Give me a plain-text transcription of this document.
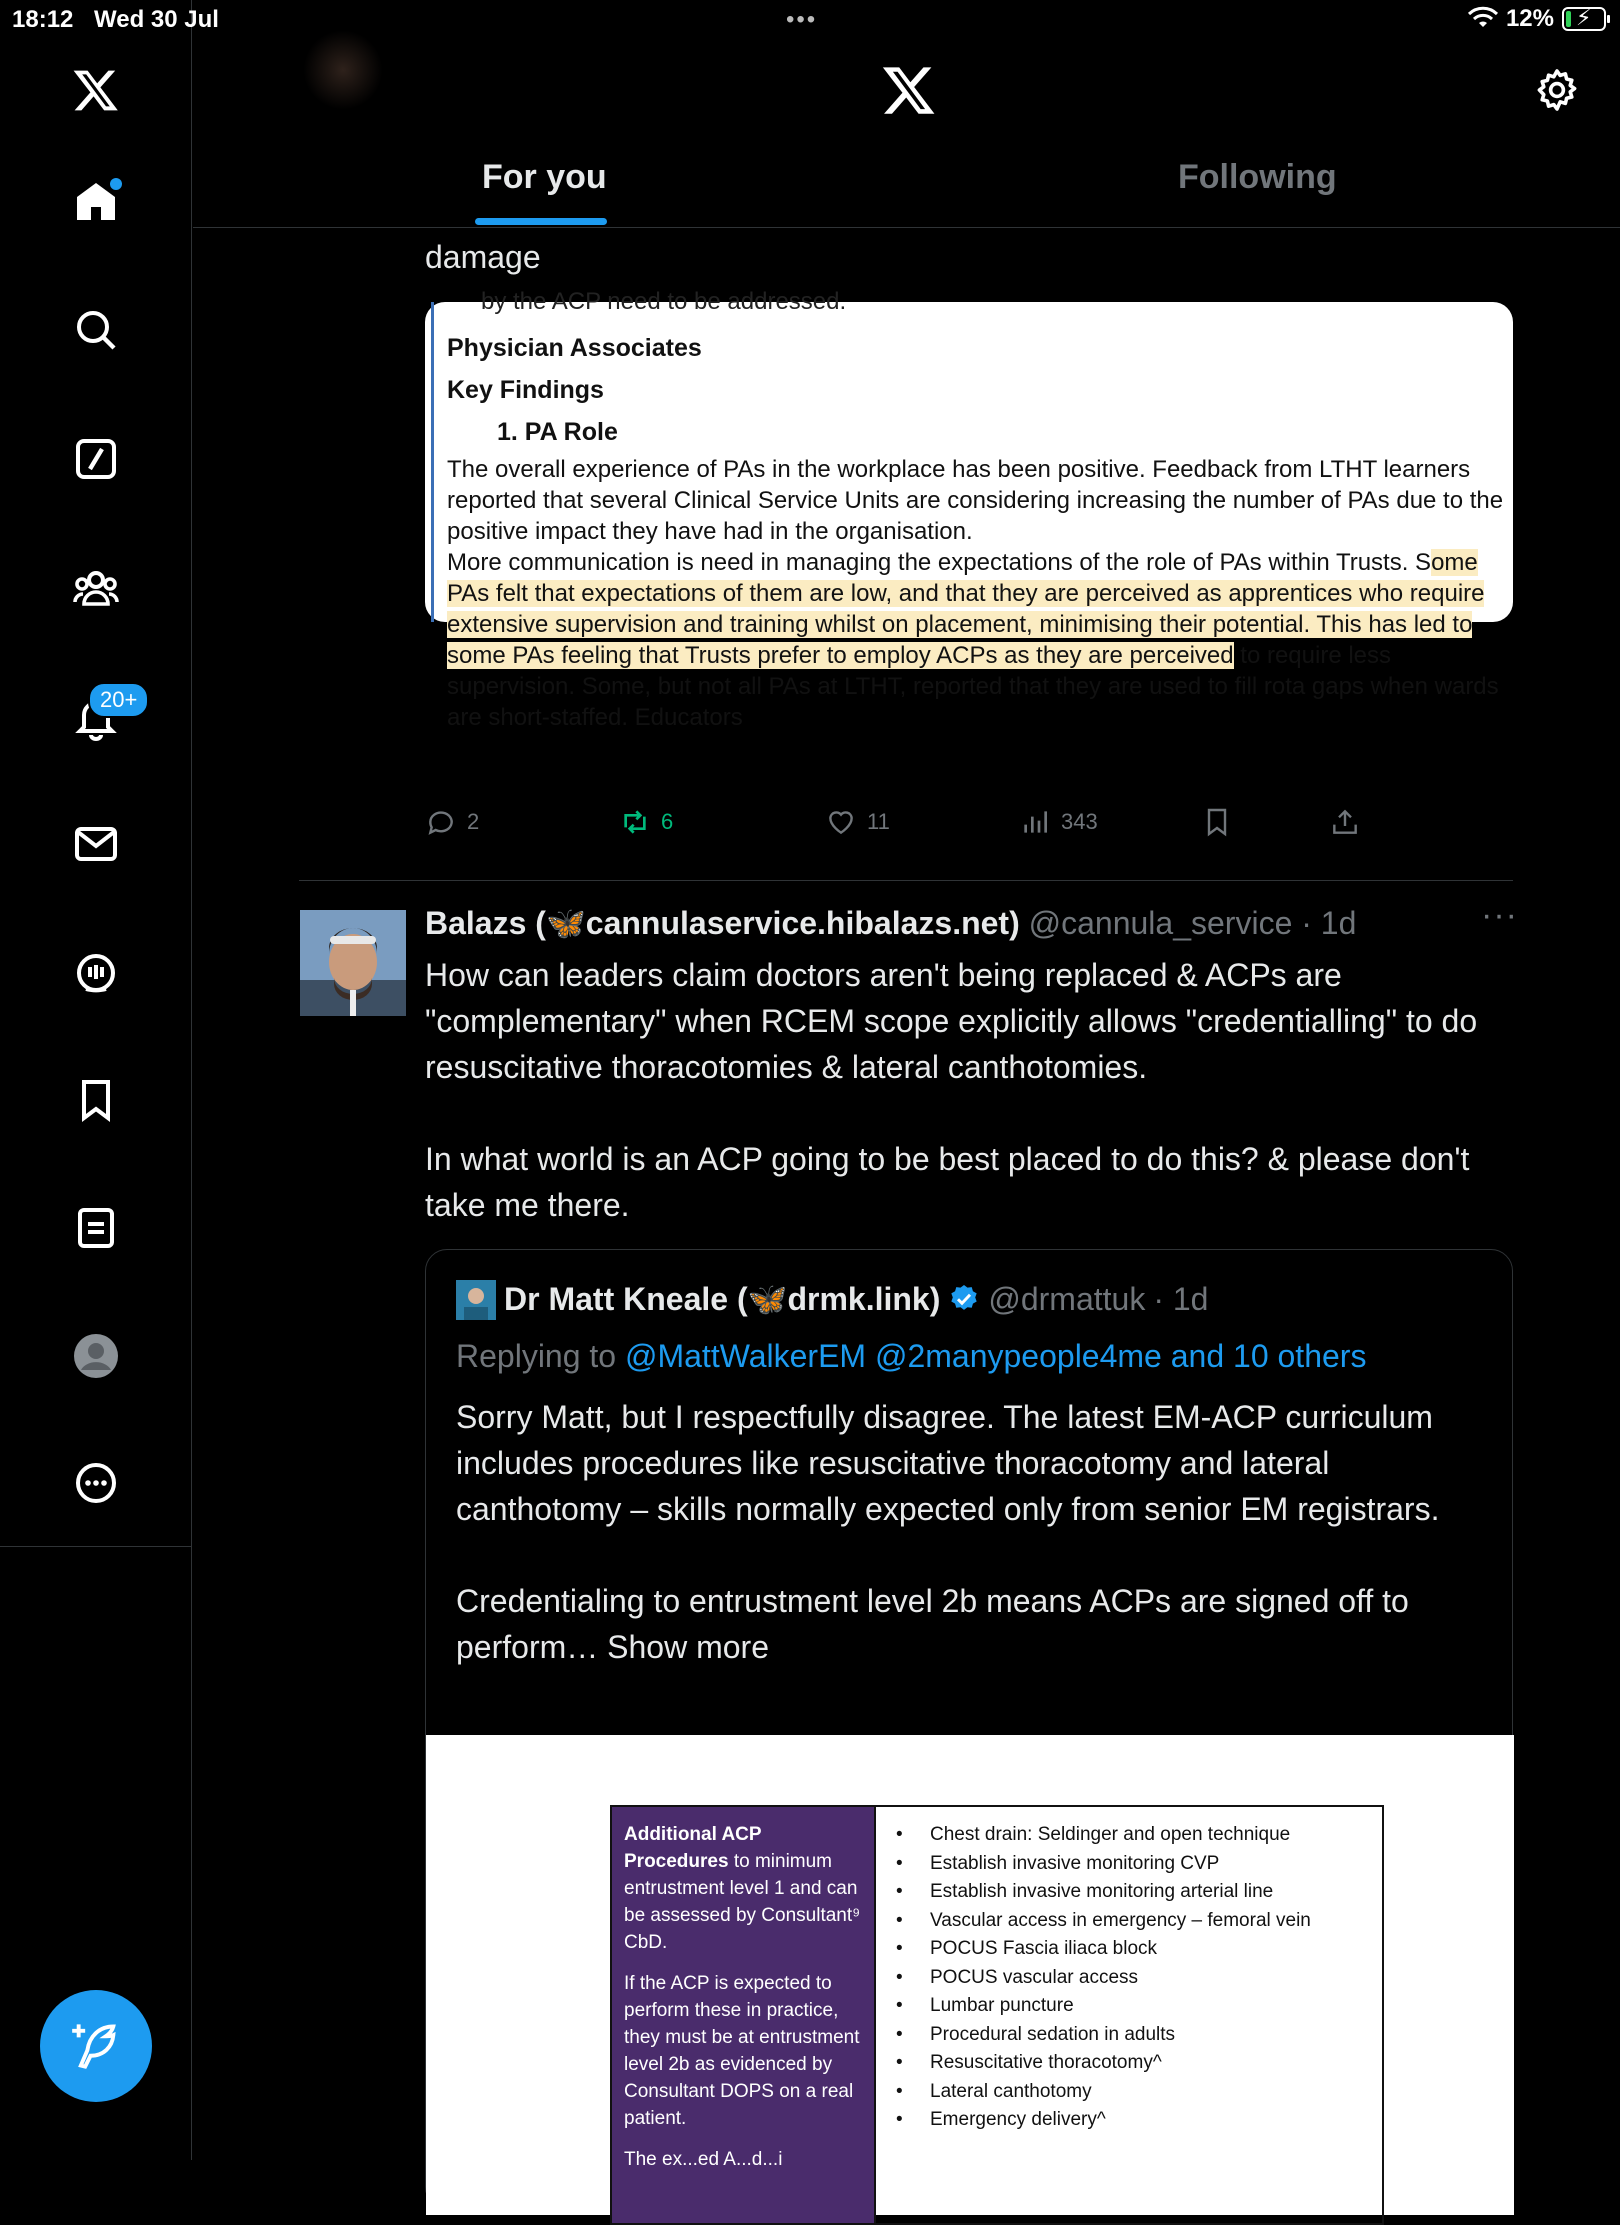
18:12 Wed 30 Jul	•••	12% ⚡
20+
For you	Following
damage
by the ACP need to be addressed.
Physician Associates
Key Findings
1. PA Role
The overall experience of PAs in the workplace has been positive. Feedback from LTHT learners reported that several Clinical Service Units are considering increasing the number of PAs due to the positive impact they have had in the organisation.
More communication is need in managing the expectations of the role of PAs within Trusts. Some PAs felt that expectations of them are low, and that they are perceived as apprentices who require extensive supervision and training whilst on placement, minimising their potential. This has led to some PAs feeling that Trusts prefer to employ ACPs as they are perceived to require less supervision. Some, but not all PAs at LTHT, reported that they are used to fill rota gaps when wards are short-staffed. Educators
2	6	11	343
Balazs (🦋cannulaservice.hibalazs.net) @cannula_service · 1d	···
How can leaders claim doctors aren't being replaced & ACPs are "complementary" when RCEM scope explicitly allows "credentialling" to do resuscitative thoracotomies & lateral canthotomies.

In what world is an ACP going to be best placed to do this? & please don't take me there.
Dr Matt Kneale (🦋drmk.link) @drmattuk · 1d
Replying to @MattWalkerEM @2manypeople4me and 10 others
Sorry Matt, but I respectfully disagree. The latest EM-ACP curriculum includes procedures like resuscitative thoracotomy and lateral canthotomy – skills normally expected only from senior EM registrars.

Credentialing to entrustment level 2b means ACPs are signed off to perform… Show more
Additional ACP Procedures to minimum entrustment level 1 and can be assessed by Consultant⁹ CbD.
If the ACP is expected to perform these in practice, they must be at entrustment level 2b as evidenced by Consultant DOPS on a real patient.
The ex...ed A...d...i
• Chest drain: Seldinger and open technique
• Establish invasive monitoring CVP
• Establish invasive monitoring arterial line
• Vascular access in emergency – femoral vein
• POCUS Fascia iliaca block
• POCUS vascular access
• Lumbar puncture
• Procedural sedation in adults
• Resuscitative thoracotomy^
• Lateral canthotomy
• Emergency delivery^
